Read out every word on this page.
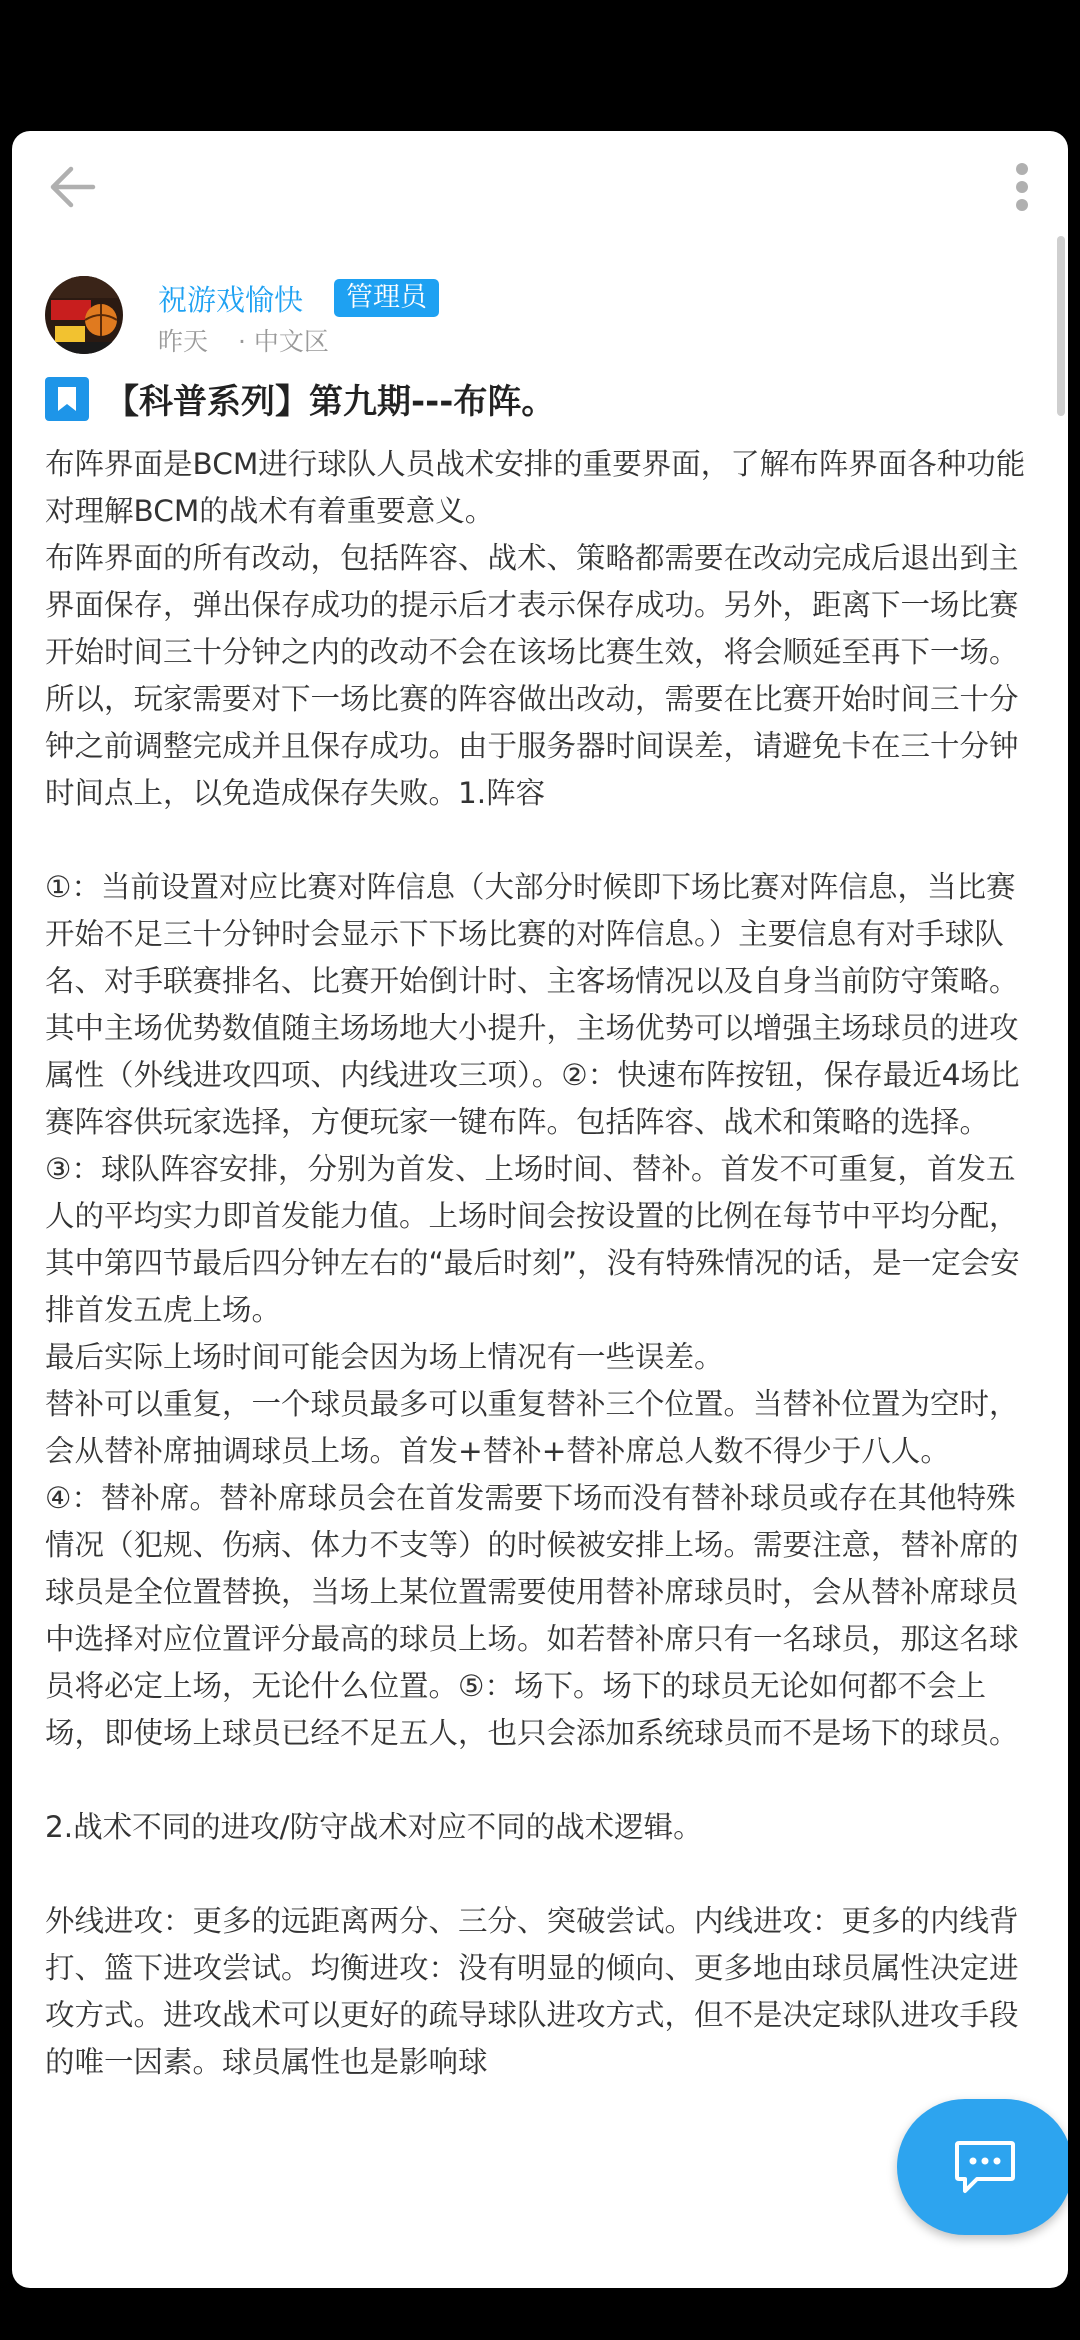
祝游戏愉快	管理员
昨天 · 中文区
【科普系列】第九期---布阵。

布阵界面是BCM进行球队人员战术安排的重要界面，了解布阵界面各种功能对理解BCM的战术有着重要意义。

布阵界面的所有改动，包括阵容、战术、策略都需要在改动完成后退出到主界面保存，弹出保存成功的提示后才表示保存成功。另外，距离下一场比赛开始时间三十分钟之内的改动不会在该场比赛生效，将会顺延至再下一场。所以，玩家需要对下一场比赛的阵容做出改动，需要在比赛开始时间三十分钟之前调整完成并且保存成功。由于服务器时间误差，请避免卡在三十分钟时间点上，以免造成保存失败。1.阵容

①：当前设置对应比赛对阵信息（大部分时候即下场比赛对阵信息，当比赛开始不足三十分钟时会显示下下场比赛的对阵信息。）主要信息有对手球队名、对手联赛排名、比赛开始倒计时、主客场情况以及自身当前防守策略。其中主场优势数值随主场场地大小提升，主场优势可以增强主场球员的进攻属性（外线进攻四项、内线进攻三项）。②：快速布阵按钮，保存最近4场比赛阵容供玩家选择，方便玩家一键布阵。包括阵容、战术和策略的选择。③：球队阵容安排，分别为首发、上场时间、替补。首发不可重复，首发五人的平均实力即首发能力值。上场时间会按设置的比例在每节中平均分配，其中第四节最后四分钟左右的“最后时刻”，没有特殊情况的话，是一定会安排首发五虎上场。

最后实际上场时间可能会因为场上情况有一些误差。

替补可以重复，一个球员最多可以重复替补三个位置。当替补位置为空时，会从替补席抽调球员上场。首发+替补+替补席总人数不得少于八人。

④：替补席。替补席球员会在首发需要下场而没有替补球员或存在其他特殊情况（犯规、伤病、体力不支等）的时候被安排上场。需要注意，替补席的球员是全位置替换，当场上某位置需要使用替补席球员时，会从替补席球员中选择对应位置评分最高的球员上场。如若替补席只有一名球员，那这名球员将必定上场，无论什么位置。⑤：场下。场下的球员无论如何都不会上场，即使场上球员已经不足五人，也只会添加系统球员而不是场下的球员。

2.战术不同的进攻/防守战术对应不同的战术逻辑。

外线进攻：更多的远距离两分、三分、突破尝试。内线进攻：更多的内线背打、篮下进攻尝试。均衡进攻：没有明显的倾向、更多地由球员属性决定进攻方式。进攻战术可以更好的疏导球队进攻方式，但不是决定球队进攻手段的唯一因素。球员属性也是影响球
